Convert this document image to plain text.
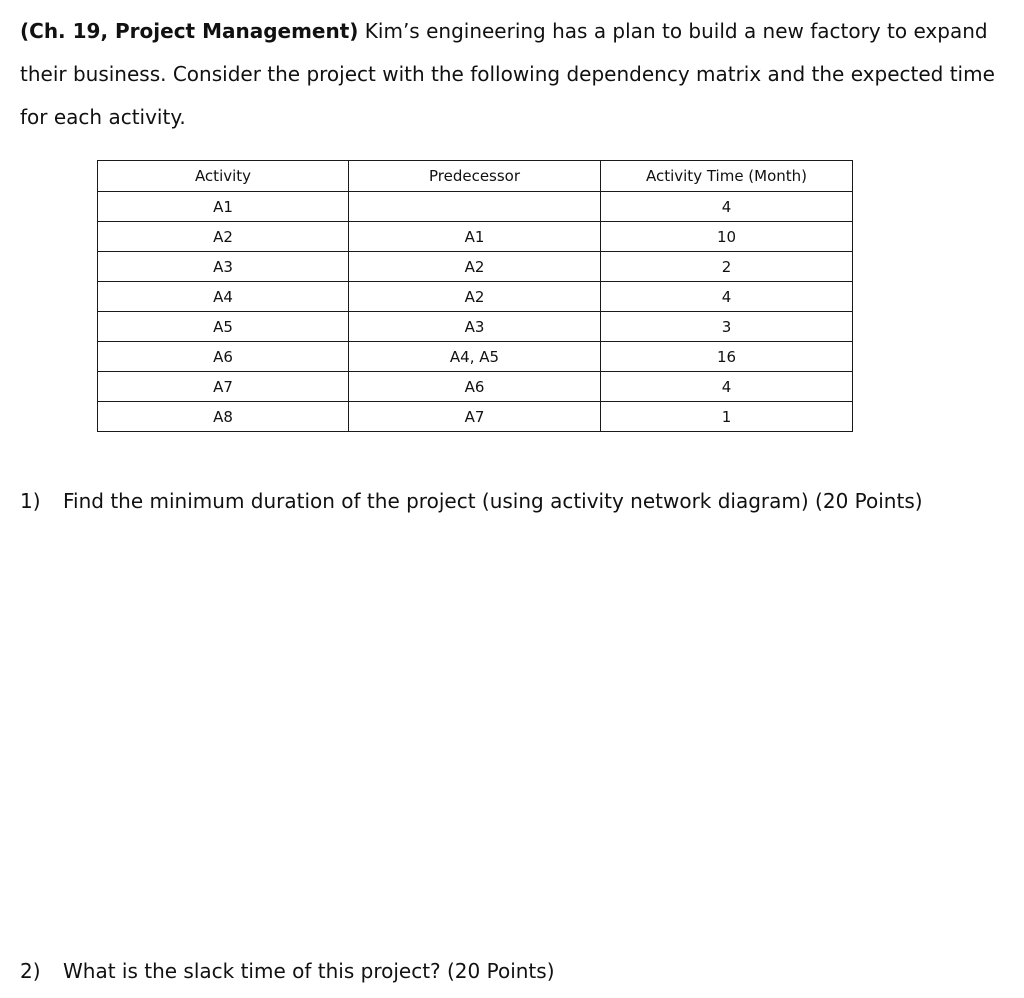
(Ch. 19, Project Management) Kim’s engineering has a plan to build a new factory to expand their business. Consider the project with the following dependency matrix and the expected time for each activity.

Activity	Predecessor	Activity Time (Month)
A1		4
A2	A1	10
A3	A2	2
A4	A2	4
A5	A3	3
A6	A4, A5	16
A7	A6	4
A8	A7	1

1) Find the minimum duration of the project (using activity network diagram) (20 Points)

2) What is the slack time of this project? (20 Points)
